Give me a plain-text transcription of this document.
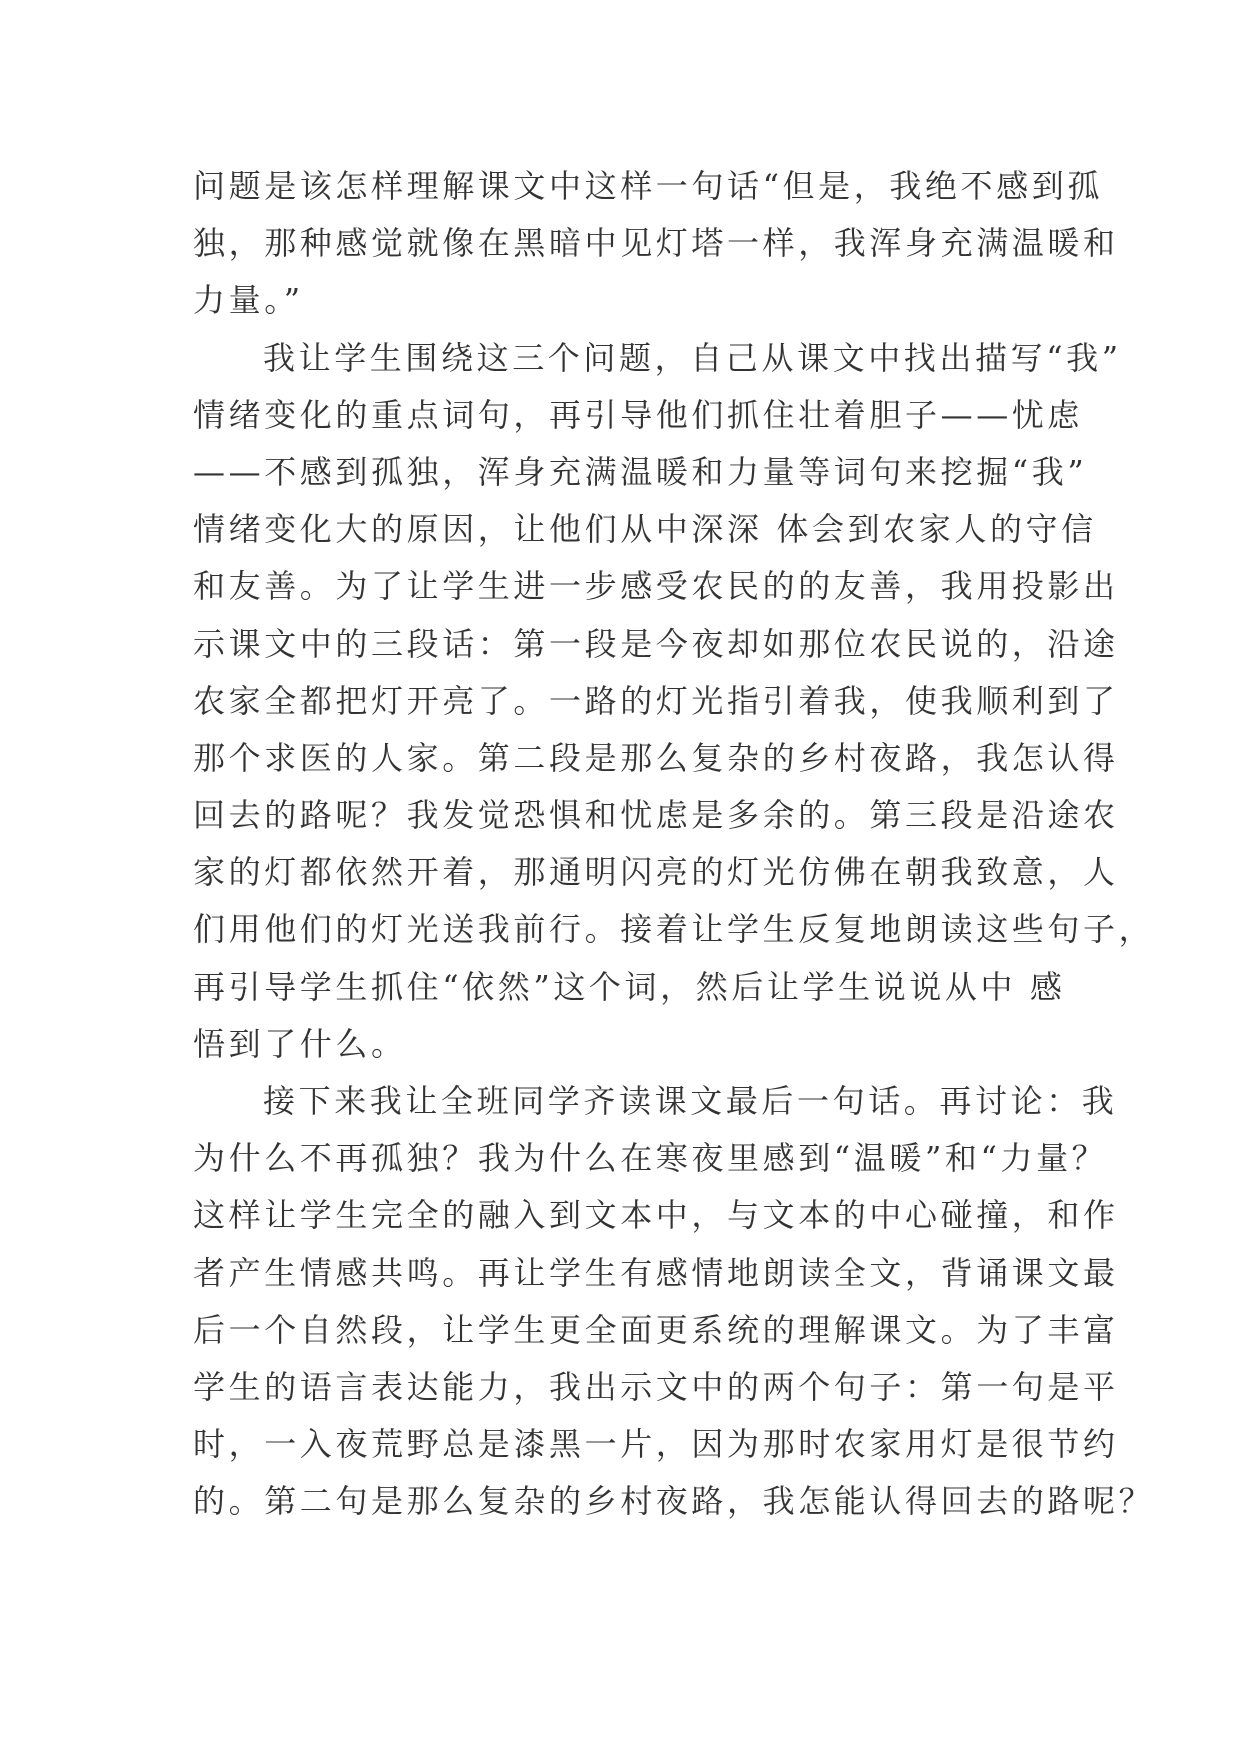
问题是该怎样理解课文中这样一句话“但是，我绝不感到孤
独，那种感觉就像在黑暗中见灯塔一样，我浑身充满温暖和
力量。”
我让学生围绕这三个问题，自己从课文中找出描写“我”
情绪变化的重点词句，再引导他们抓住壮着胆子——忧虑
——不感到孤独，浑身充满温暖和力量等词句来挖掘“我”
情绪变化大的原因，让他们从中深深 体会到农家人的守信
和友善。为了让学生进一步感受农民的的友善，我用投影出
示课文中的三段话：第一段是今夜却如那位农民说的，沿途
农家全都把灯开亮了。一路的灯光指引着我，使我顺利到了
那个求医的人家。第二段是那么复杂的乡村夜路，我怎认得
回去的路呢？我发觉恐惧和忧虑是多余的。第三段是沿途农
家的灯都依然开着，那通明闪亮的灯光仿佛在朝我致意，人
们用他们的灯光送我前行。接着让学生反复地朗读这些句子，
再引导学生抓住“依然”这个词，然后让学生说说从中 感
悟到了什么。
接下来我让全班同学齐读课文最后一句话。再讨论：我
为什么不再孤独？我为什么在寒夜里感到“温暖”和“力量？
这样让学生完全的融入到文本中，与文本的中心碰撞，和作
者产生情感共鸣。再让学生有感情地朗读全文，背诵课文最
后一个自然段，让学生更全面更系统的理解课文。为了丰富
学生的语言表达能力，我出示文中的两个句子：第一句是平
时，一入夜荒野总是漆黑一片，因为那时农家用灯是很节约
的。第二句是那么复杂的乡村夜路，我怎能认得回去的路呢？
